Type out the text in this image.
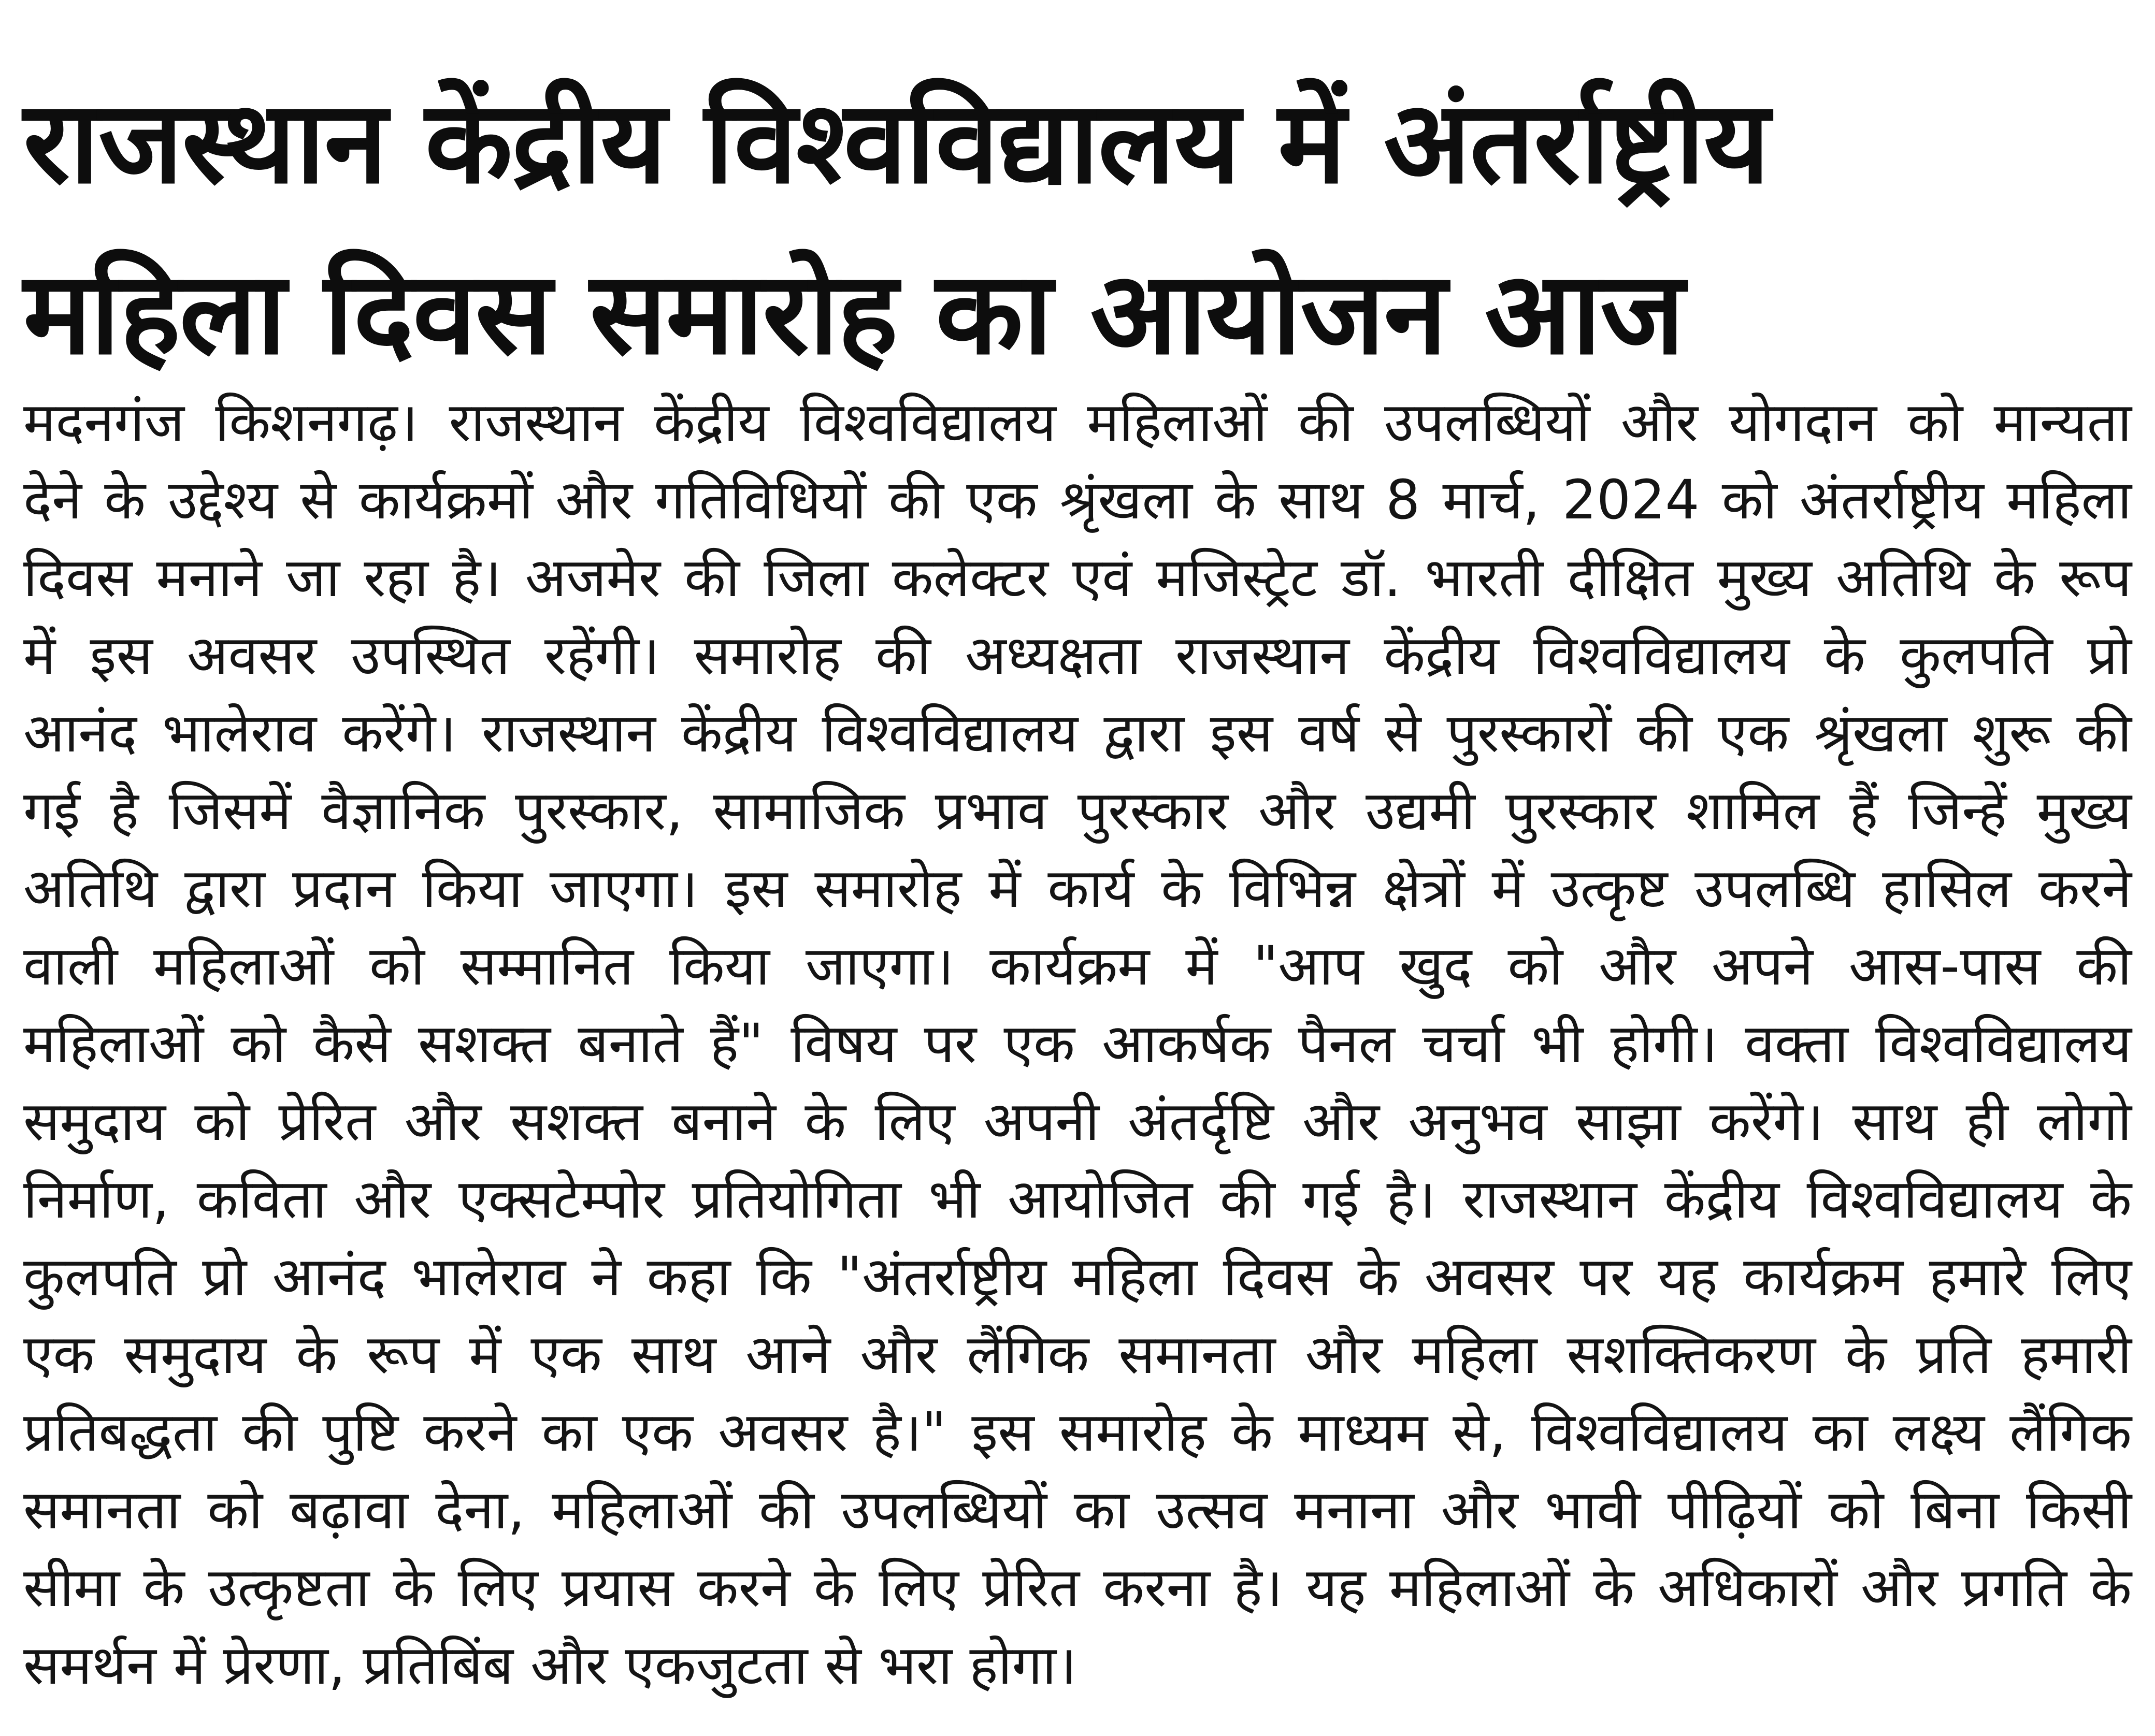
राजस्थान केंद्रीय विश्वविद्यालय में अंतर्राष्ट्रीय
महिला दिवस समारोह का आयोजन आज
मदनगंज किशनगढ़। राजस्थान केंद्रीय विश्वविद्यालय महिलाओं की उपलब्धियों और योगदान को मान्यता
देने के उद्देश्य से कार्यक्रमों और गतिविधियों की एक श्रृंखला के साथ 8 मार्च, 2024 को अंतर्राष्ट्रीय महिला
दिवस मनाने जा रहा है। अजमेर की जिला कलेक्टर एवं मजिस्ट्रेट डॉ. भारती दीक्षित मुख्य अतिथि के रूप
में इस अवसर उपस्थित रहेंगी। समारोह की अध्यक्षता राजस्थान केंद्रीय विश्वविद्यालय के कुलपति प्रो
आनंद भालेराव करेंगे। राजस्थान केंद्रीय विश्वविद्यालय द्वारा इस वर्ष से पुरस्कारों की एक श्रृंखला शुरू की
गई है जिसमें वैज्ञानिक पुरस्कार, सामाजिक प्रभाव पुरस्कार और उद्यमी पुरस्कार शामिल हैं जिन्हें मुख्य
अतिथि द्वारा प्रदान किया जाएगा। इस समारोह में कार्य के विभिन्न क्षेत्रों में उत्कृष्ट उपलब्धि हासिल करने
वाली महिलाओं को सम्मानित किया जाएगा। कार्यक्रम में "आप खुद को और अपने आस-पास की
महिलाओं को कैसे सशक्त बनाते हैं" विषय पर एक आकर्षक पैनल चर्चा भी होगी। वक्ता विश्वविद्यालय
समुदाय को प्रेरित और सशक्त बनाने के लिए अपनी अंतर्दृष्टि और अनुभव साझा करेंगे। साथ ही लोगो
निर्माण, कविता और एक्सटेम्पोर प्रतियोगिता भी आयोजित की गई है। राजस्थान केंद्रीय विश्वविद्यालय के
कुलपति प्रो आनंद भालेराव ने कहा कि "अंतर्राष्ट्रीय महिला दिवस के अवसर पर यह कार्यक्रम हमारे लिए
एक समुदाय के रूप में एक साथ आने और लैंगिक समानता और महिला सशक्तिकरण के प्रति हमारी
प्रतिबद्धता की पुष्टि करने का एक अवसर है।" इस समारोह के माध्यम से, विश्वविद्यालय का लक्ष्य लैंगिक
समानता को बढ़ावा देना, महिलाओं की उपलब्धियों का उत्सव मनाना और भावी पीढ़ियों को बिना किसी
सीमा के उत्कृष्टता के लिए प्रयास करने के लिए प्रेरित करना है। यह महिलाओं के अधिकारों और प्रगति के
समर्थन में प्रेरणा, प्रतिबिंब और एकजुटता से भरा होगा।
